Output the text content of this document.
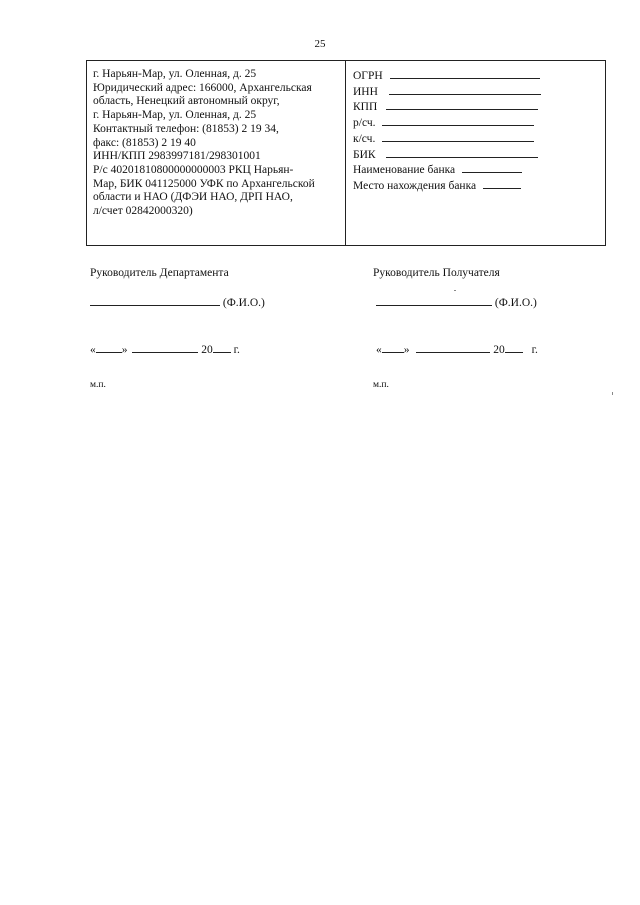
25
г. Нарьян-Мар, ул. Оленная, д. 25
Юридический адрес: 166000, Архангельская
область, Ненецкий автономный округ,
г. Нарьян-Мар, ул. Оленная, д. 25
Контактный телефон: (81853) 2 19 34,
факс: (81853) 2 19 40
ИНН/КПП 2983997181/298301001
Р/с 40201810800000000003 РКЦ Нарьян-
Мар, БИК 041125000 УФК по Архангельской
области и НАО (ДФЭИ НАО, ДРП НАО,
л/счет 02842000320)
ОГРН
ИНН
КПП
р/сч.
к/сч.
БИК
Наименование банка
Место нахождения банка
Руководитель Департамента
(Ф.И.О.)
« »	20 г.
м.п.
Руководитель Получателя
(Ф.И.О.)
« »	20 г.
м.п.
